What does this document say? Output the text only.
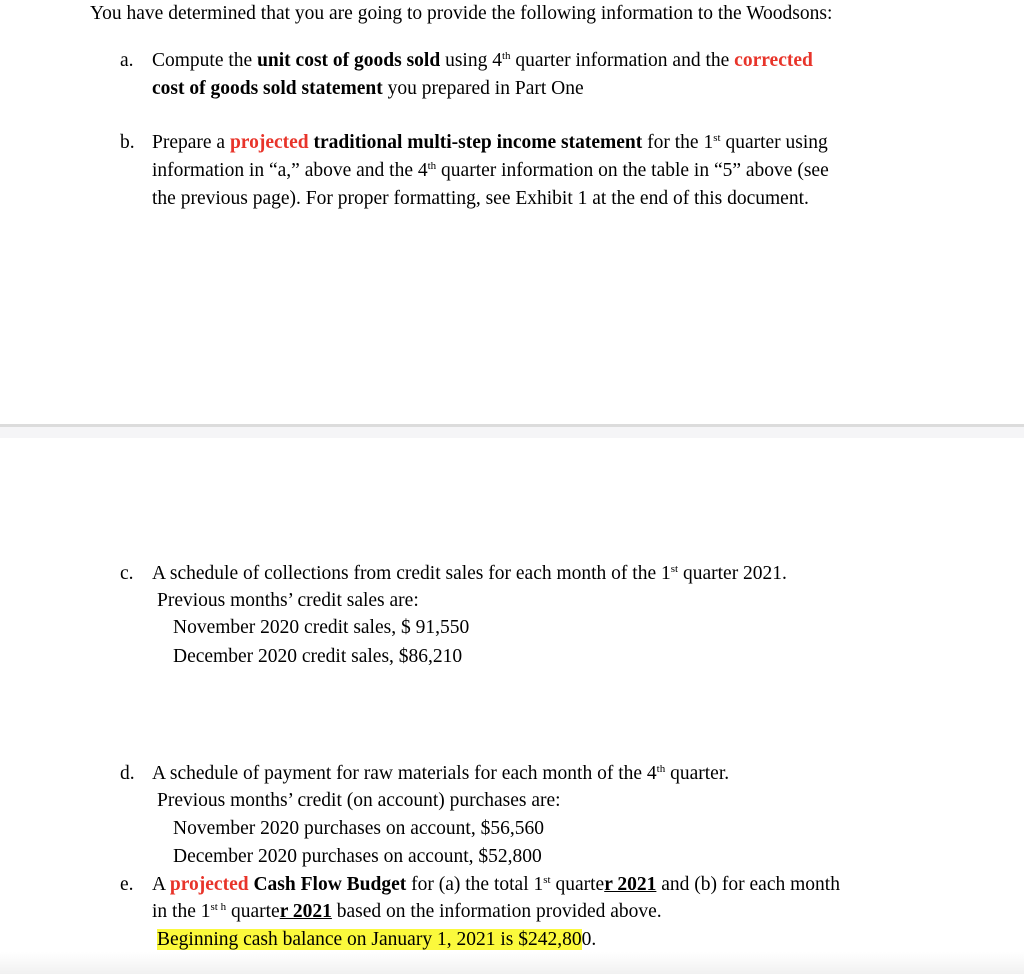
You have determined that you are going to provide the following information to the Woodsons:
a. Compute the unit cost of goods sold using 4th quarter information and the corrected
cost of goods sold statement you prepared in Part One
b. Prepare a projected traditional multi-step income statement for the 1st quarter using
information in “a,” above and the 4th quarter information on the table in “5” above (see
the previous page). For proper formatting, see Exhibit 1 at the end of this document.
c. A schedule of collections from credit sales for each month of the 1st quarter 2021.
Previous months’ credit sales are:
November 2020 credit sales, $ 91,550
December 2020 credit sales, $86,210
d. A schedule of payment for raw materials for each month of the 4th quarter.
Previous months’ credit (on account) purchases are:
November 2020 purchases on account, $56,560
December 2020 purchases on account, $52,800
e. A projected Cash Flow Budget for (a) the total 1st quarter 2021 and (b) for each month
in the $1^{st h}$ quarter 2021 based on the information provided above.
Beginning cash balance on January 1, 2021 is $242,800.
